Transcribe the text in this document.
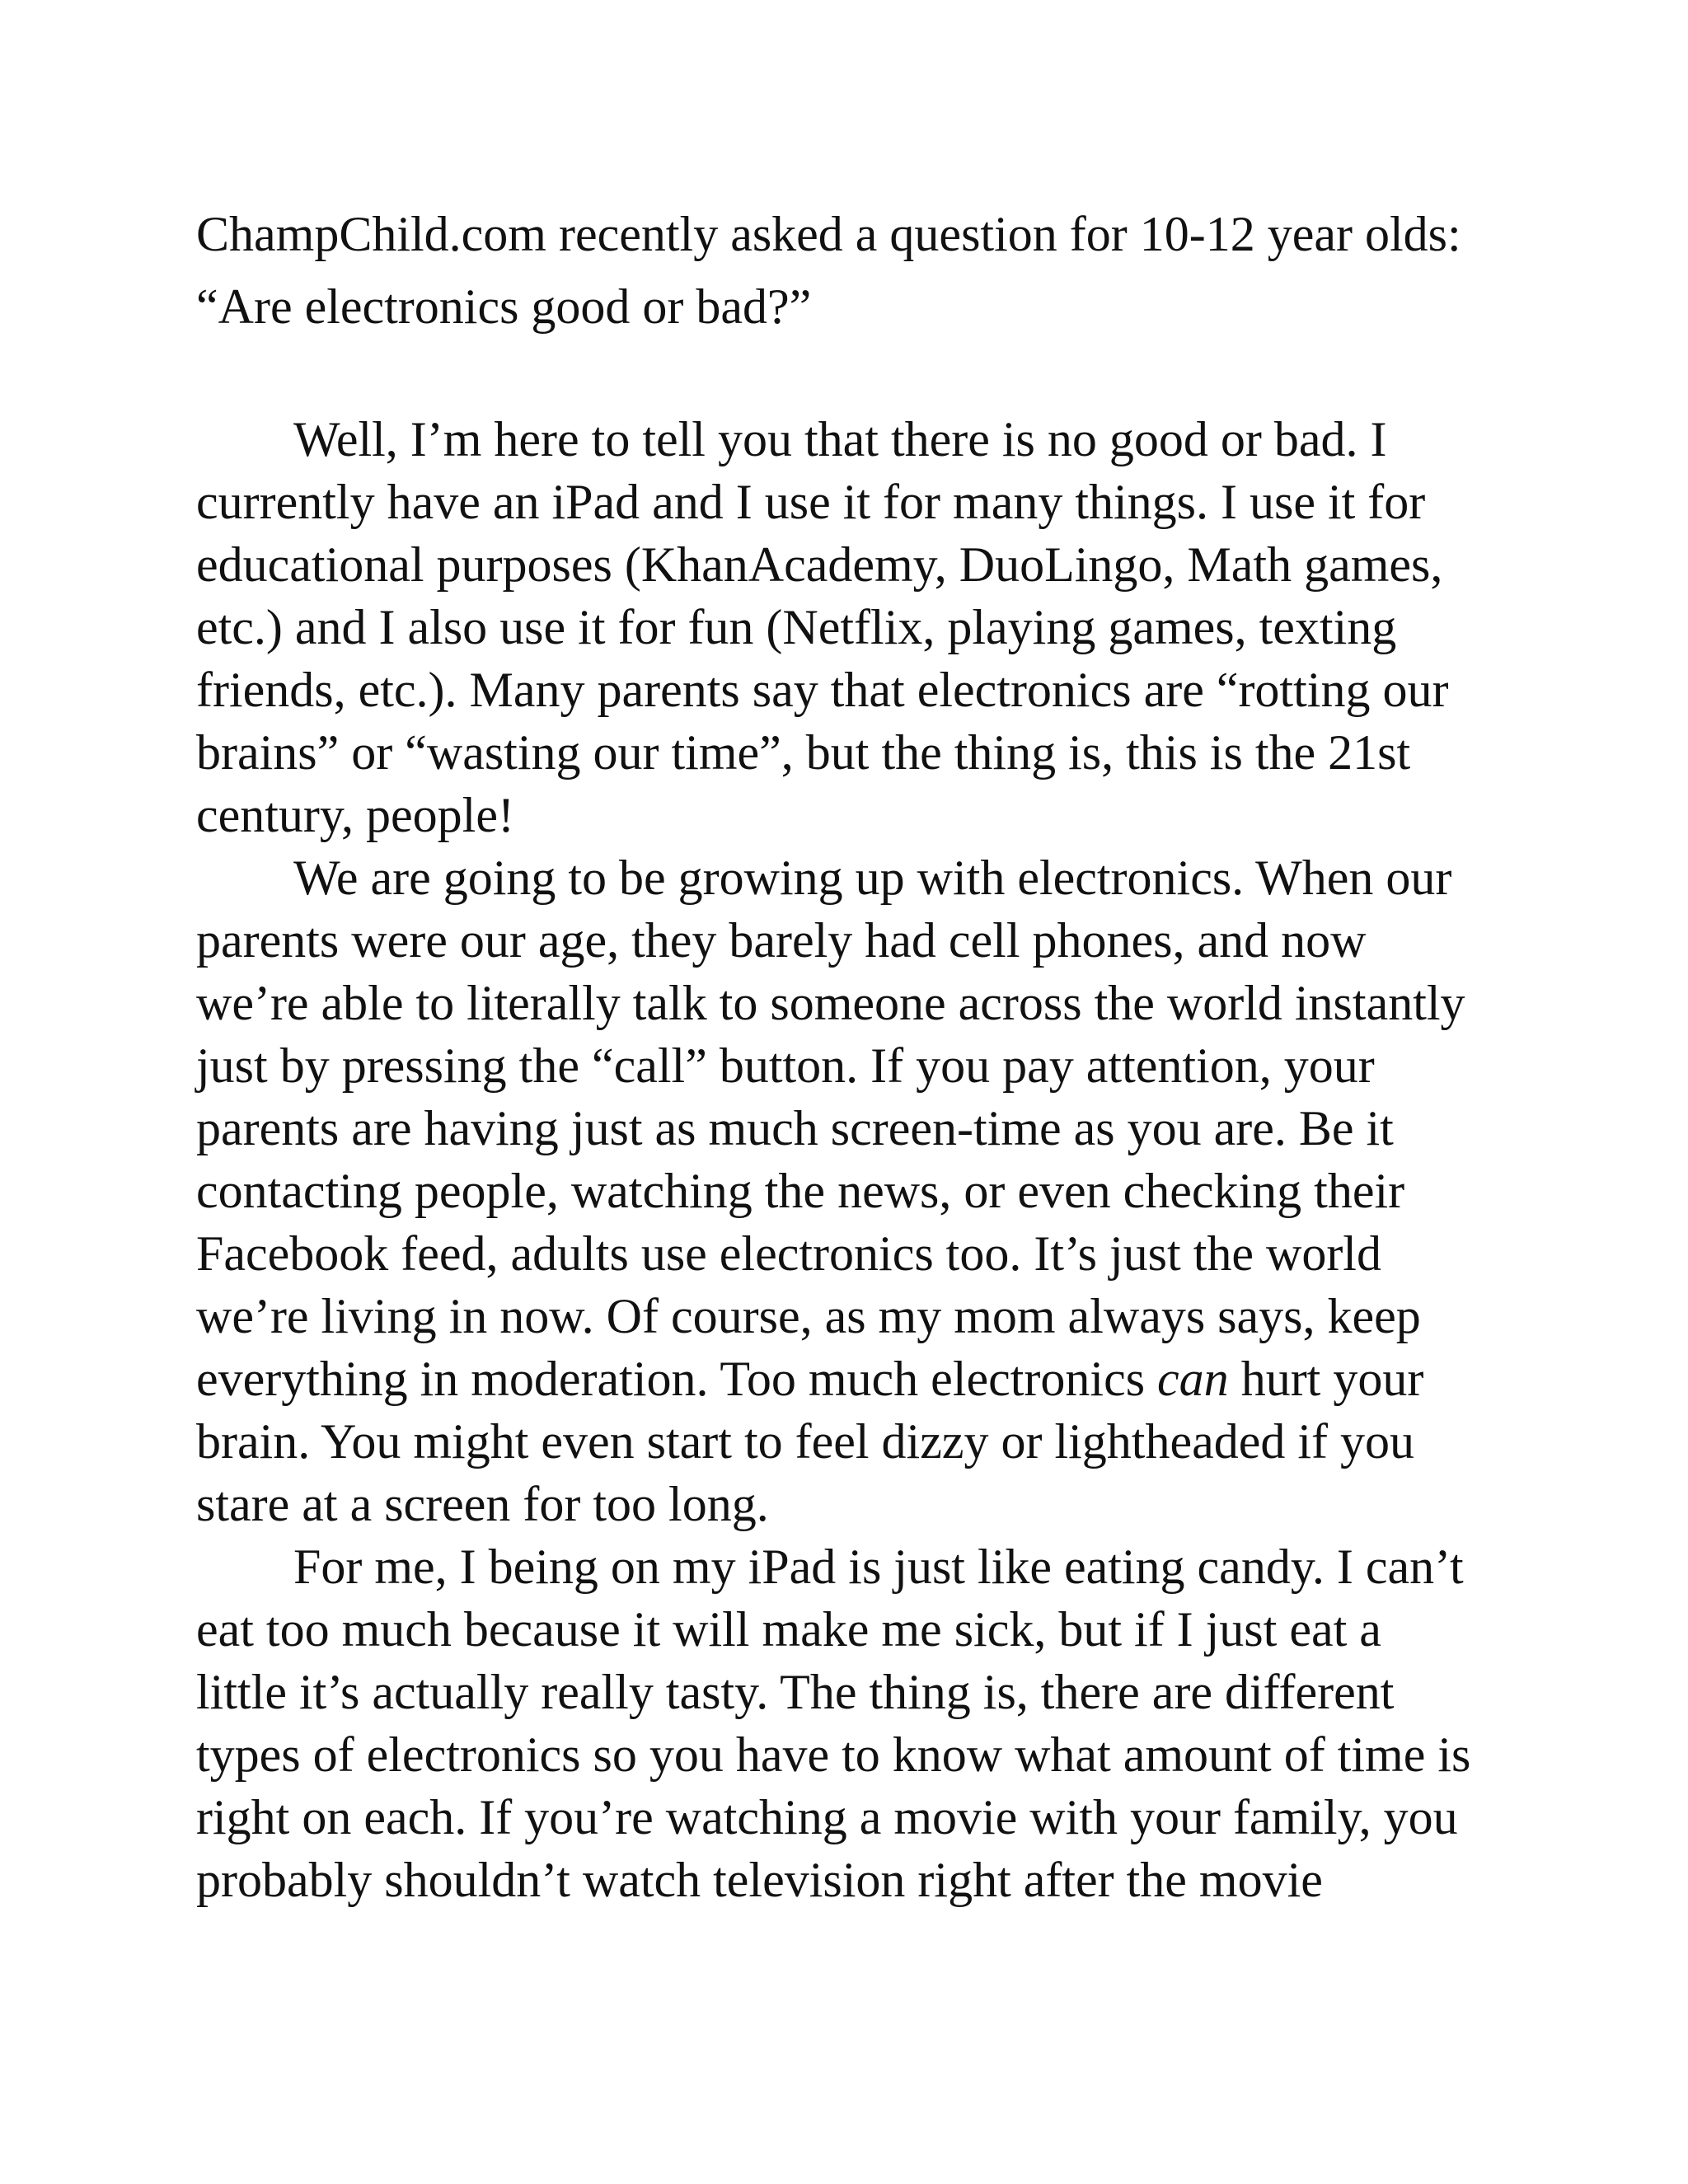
ChampChild.com recently asked a question for 10-12 year olds:
“Are electronics good or bad?”
Well, I’m here to tell you that there is no good or bad. I
currently have an iPad and I use it for many things. I use it for
educational purposes (KhanAcademy, DuoLingo, Math games,
etc.) and I also use it for fun (Netflix, playing games, texting
friends, etc.). Many parents say that electronics are “rotting our
brains” or “wasting our time”, but the thing is, this is the 21st
century, people!
We are going to be growing up with electronics. When our
parents were our age, they barely had cell phones, and now
we’re able to literally talk to someone across the world instantly
just by pressing the “call” button. If you pay attention, your
parents are having just as much screen-time as you are. Be it
contacting people, watching the news, or even checking their
Facebook feed, adults use electronics too. It’s just the world
we’re living in now. Of course, as my mom always says, keep
everything in moderation. Too much electronics can hurt your
brain. You might even start to feel dizzy or lightheaded if you
stare at a screen for too long.
For me, I being on my iPad is just like eating candy. I can’t
eat too much because it will make me sick, but if I just eat a
little it’s actually really tasty. The thing is, there are different
types of electronics so you have to know what amount of time is
right on each. If you’re watching a movie with your family, you
probably shouldn’t watch television right after the movie
